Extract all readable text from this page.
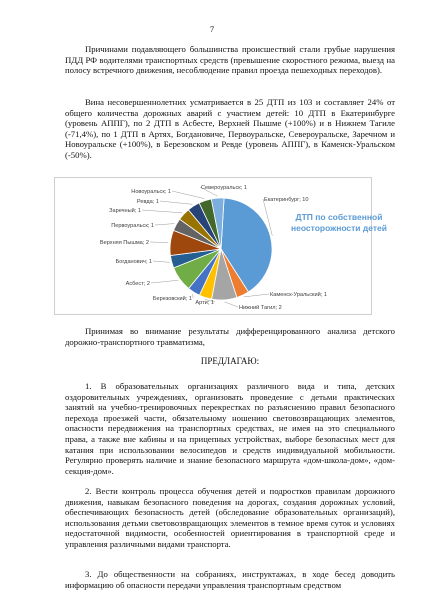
7
Причинами подавляющего большинства происшествий стали грубые нарушения ПДД РФ водителями транспортных средств (превышение скоростного режима, выезд на полосу встречного движения, несоблюдение правил проезда пешеходных переходов).
Вина несовершеннолетних усматривается в 25 ДТП из 103 и составляет 24% от общего количества дорожных аварий с участием детей: 10 ДТП в Екатеринбурге (уровень АППГ), по 2 ДТП в Асбесте, Верхней Пышме (+100%) и в Нижнем Тагиле (-71,4%), по 1 ДТП в Артях, Богдановиче, Первоуральске, Североуральске, Заречном и Новоуральске (+100%), в Березовском и Ревде (уровень АППГ), в Каменск-Уральском (-50%).
Екатеринбург; 10
Каменск-Уральский; 1
Нижний Тагил; 2
Арти; 1
Березовский; 1
Асбест; 2
Богданович; 1
Верхняя Пышма; 2
Первоуральск; 1
Заречный; 1
Ревда; 1
Новоуральск; 1
Североуральск; 1
ДТП по собственной
неосторожности детей
Принимая во внимание результаты дифференцированного анализа детского дорожно-транспортного травматизма,
ПРЕДЛАГАЮ:
1. В образовательных организациях различного вида и типа, детских оздоровительных учреждениях, организовать проведение с детьми практических занятий на учебно-тренировочных перекрестках по разъяснению правил безопасного перехода проезжей части, обязательному ношению световозвращающих элементов, опасности передвижения на транспортных средствах, не имея на это специального права, а также вне кабины и на прицепных устройствах, выборе безопасных мест для катания при использовании велосипедов и средств индивидуальной мобильности. Регулярно проверять наличие и знание безопасного маршрута «дом-школа-дом», «дом-секция-дом».
2. Вести контроль процесса обучения детей и подростков правилам дорожного движения, навыкам безопасного поведения на дорогах, создания дорожных условий, обеспечивающих безопасность детей (обследование образовательных организаций), использования детьми световозвращающих элементов в темное время суток и условиях недостаточной видимости, особенностей ориентирования в транспортной среде и управления различными видами транспорта.
3. До общественности на собраниях, инструктажах, в ходе бесед доводить информацию об опасности передачи управления транспортным средством
